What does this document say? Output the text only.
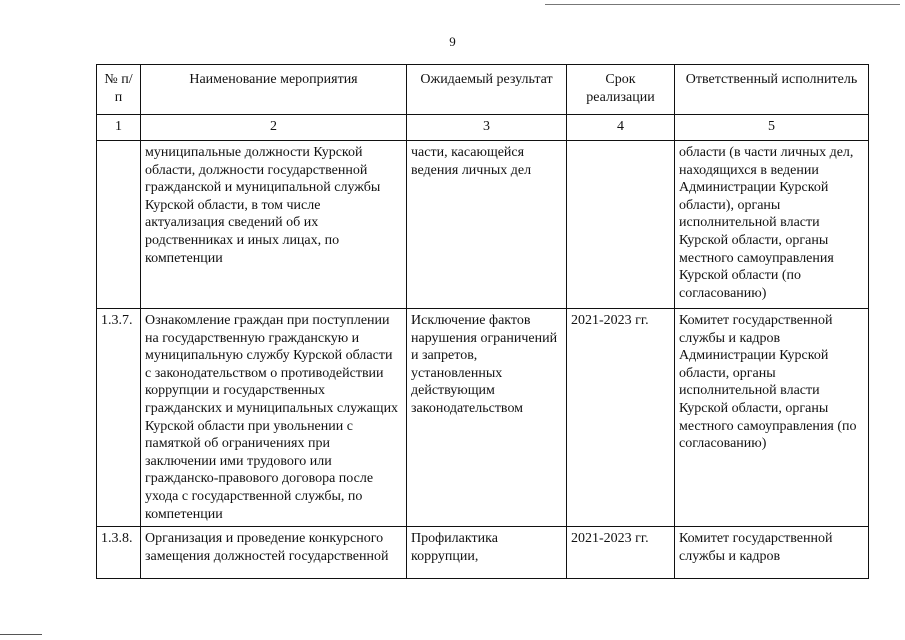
9
№ п/п	Наименование мероприятия	Ожидаемый результат	Срок реализации	Ответственный исполнитель
1	2	3	4	5
	муниципальные должности Курской области, должности государственной гражданской и муниципальной службы Курской области, в том числе актуализация сведений об их родственниках и иных лицах, по компетенции	части, касающейся ведения личных дел		области (в части личных дел, находящихся в ведении Администрации Курской области), органы исполнительной власти Курской области, органы местного самоуправления Курской области (по согласованию)
1.3.7.	Ознакомление граждан при поступлении на государственную гражданскую и муниципальную службу Курской области с законодательством о противодействии коррупции и государственных гражданских и муниципальных служащих Курской области при увольнении с памяткой об ограничениях при заключении ими трудового или гражданско-правового договора после ухода с государственной службы, по компетенции	Исключение фактов нарушения ограничений и запретов, установленных действующим законодательством	2021-2023 гг.	Комитет государственной службы и кадров Администрации Курской области, органы исполнительной власти Курской области, органы местного самоуправления (по согласованию)
1.3.8.	Организация и проведение конкурсного замещения должностей государственной	Профилактика коррупции,	2021-2023 гг.	Комитет государственной службы и кадров
